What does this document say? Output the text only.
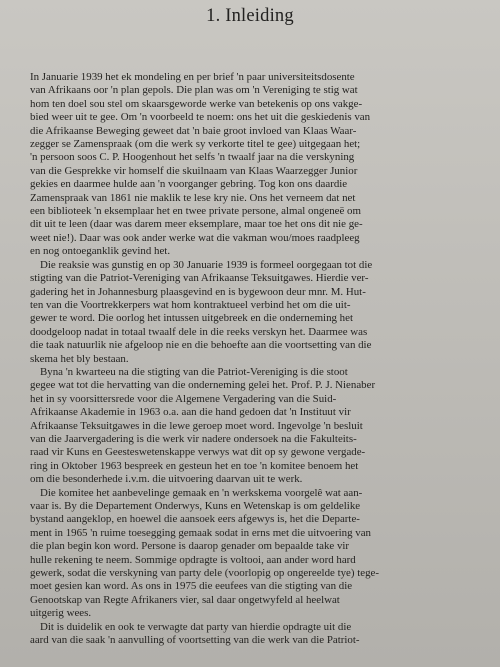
1. Inleiding
In Januarie 1939 het ek mondeling en per brief 'n paar universiteitsdosente
van Afrikaans oor 'n plan gepols. Die plan was om 'n Vereniging te stig wat
hom ten doel sou stel om skaarsgeworde werke van betekenis op ons vakge-
bied weer uit te gee. Om 'n voorbeeld te noem: ons het uit die geskiedenis van
die Afrikaanse Beweging geweet dat 'n baie groot invloed van Klaas Waar-
zegger se Zamenspraak (om die werk sy verkorte titel te gee) uitgegaan het;
'n persoon soos C. P. Hoogenhout het selfs 'n twaalf jaar na die verskyning
van die Gesprekke vir homself die skuilnaam van Klaas Waarzegger Junior
gekies en daarmee hulde aan 'n voorganger gebring. Tog kon ons daardie
Zamenspraak van 1861 nie maklik te lese kry nie. Ons het verneem dat net
een biblioteek 'n eksemplaar het en twee private persone, almal ongeneë om
dit uit te leen (daar was darem meer eksemplare, maar toe het ons dit nie ge-
weet nie!). Daar was ook ander werke wat die vakman wou/moes raadpleeg
en nog ontoeganklik gevind het.
Die reaksie was gunstig en op 30 Januarie 1939 is formeel oorgegaan tot die
stigting van die Patriot-Vereniging van Afrikaanse Teksuitgawes. Hierdie ver-
gadering het in Johannesburg plaasgevind en is bygewoon deur mnr. M. Hut-
ten van die Voortrekkerpers wat hom kontraktueel verbind het om die uit-
gewer te word. Die oorlog het intussen uitgebreek en die onderneming het
doodgeloop nadat in totaal twaalf dele in die reeks verskyn het. Daarmee was
die taak natuurlik nie afgeloop nie en die behoefte aan die voortsetting van die
skema het bly bestaan.
Byna 'n kwarteeu na die stigting van die Patriot-Vereniging is die stoot
gegee wat tot die hervatting van die onderneming gelei het. Prof. P. J. Nienaber
het in sy voorsittersrede voor die Algemene Vergadering van die Suid-
Afrikaanse Akademie in 1963 o.a. aan die hand gedoen dat 'n Instituut vir
Afrikaanse Teksuitgawes in die lewe geroep moet word. Ingevolge 'n besluit
van die Jaarvergadering is die werk vir nadere ondersoek na die Fakulteits-
raad vir Kuns en Geesteswetenskappe verwys wat dit op sy gewone vergade-
ring in Oktober 1963 bespreek en gesteun het en toe 'n komitee benoem het
om die besonderhede i.v.m. die uitvoering daarvan uit te werk.
Die komitee het aanbevelinge gemaak en 'n werkskema voorgelê wat aan-
vaar is. By die Departement Onderwys, Kuns en Wetenskap is om geldelike
bystand aangeklop, en hoewel die aansoek eers afgewys is, het die Departe-
ment in 1965 'n ruime toesegging gemaak sodat in erns met die uitvoering van
die plan begin kon word. Persone is daarop genader om bepaalde take vir
hulle rekening te neem. Sommige opdragte is voltooi, aan ander word hard
gewerk, sodat die verskyning van party dele (voorlopig op ongereelde tye) tege-
moet gesien kan word. As ons in 1975 die eeufees van die stigting van die
Genootskap van Regte Afrikaners vier, sal daar ongetwyfeld al heelwat
uitgerig wees.
Dit is duidelik en ook te verwagte dat party van hierdie opdragte uit die
aard van die saak 'n aanvulling of voortsetting van die werk van die Patriot-
